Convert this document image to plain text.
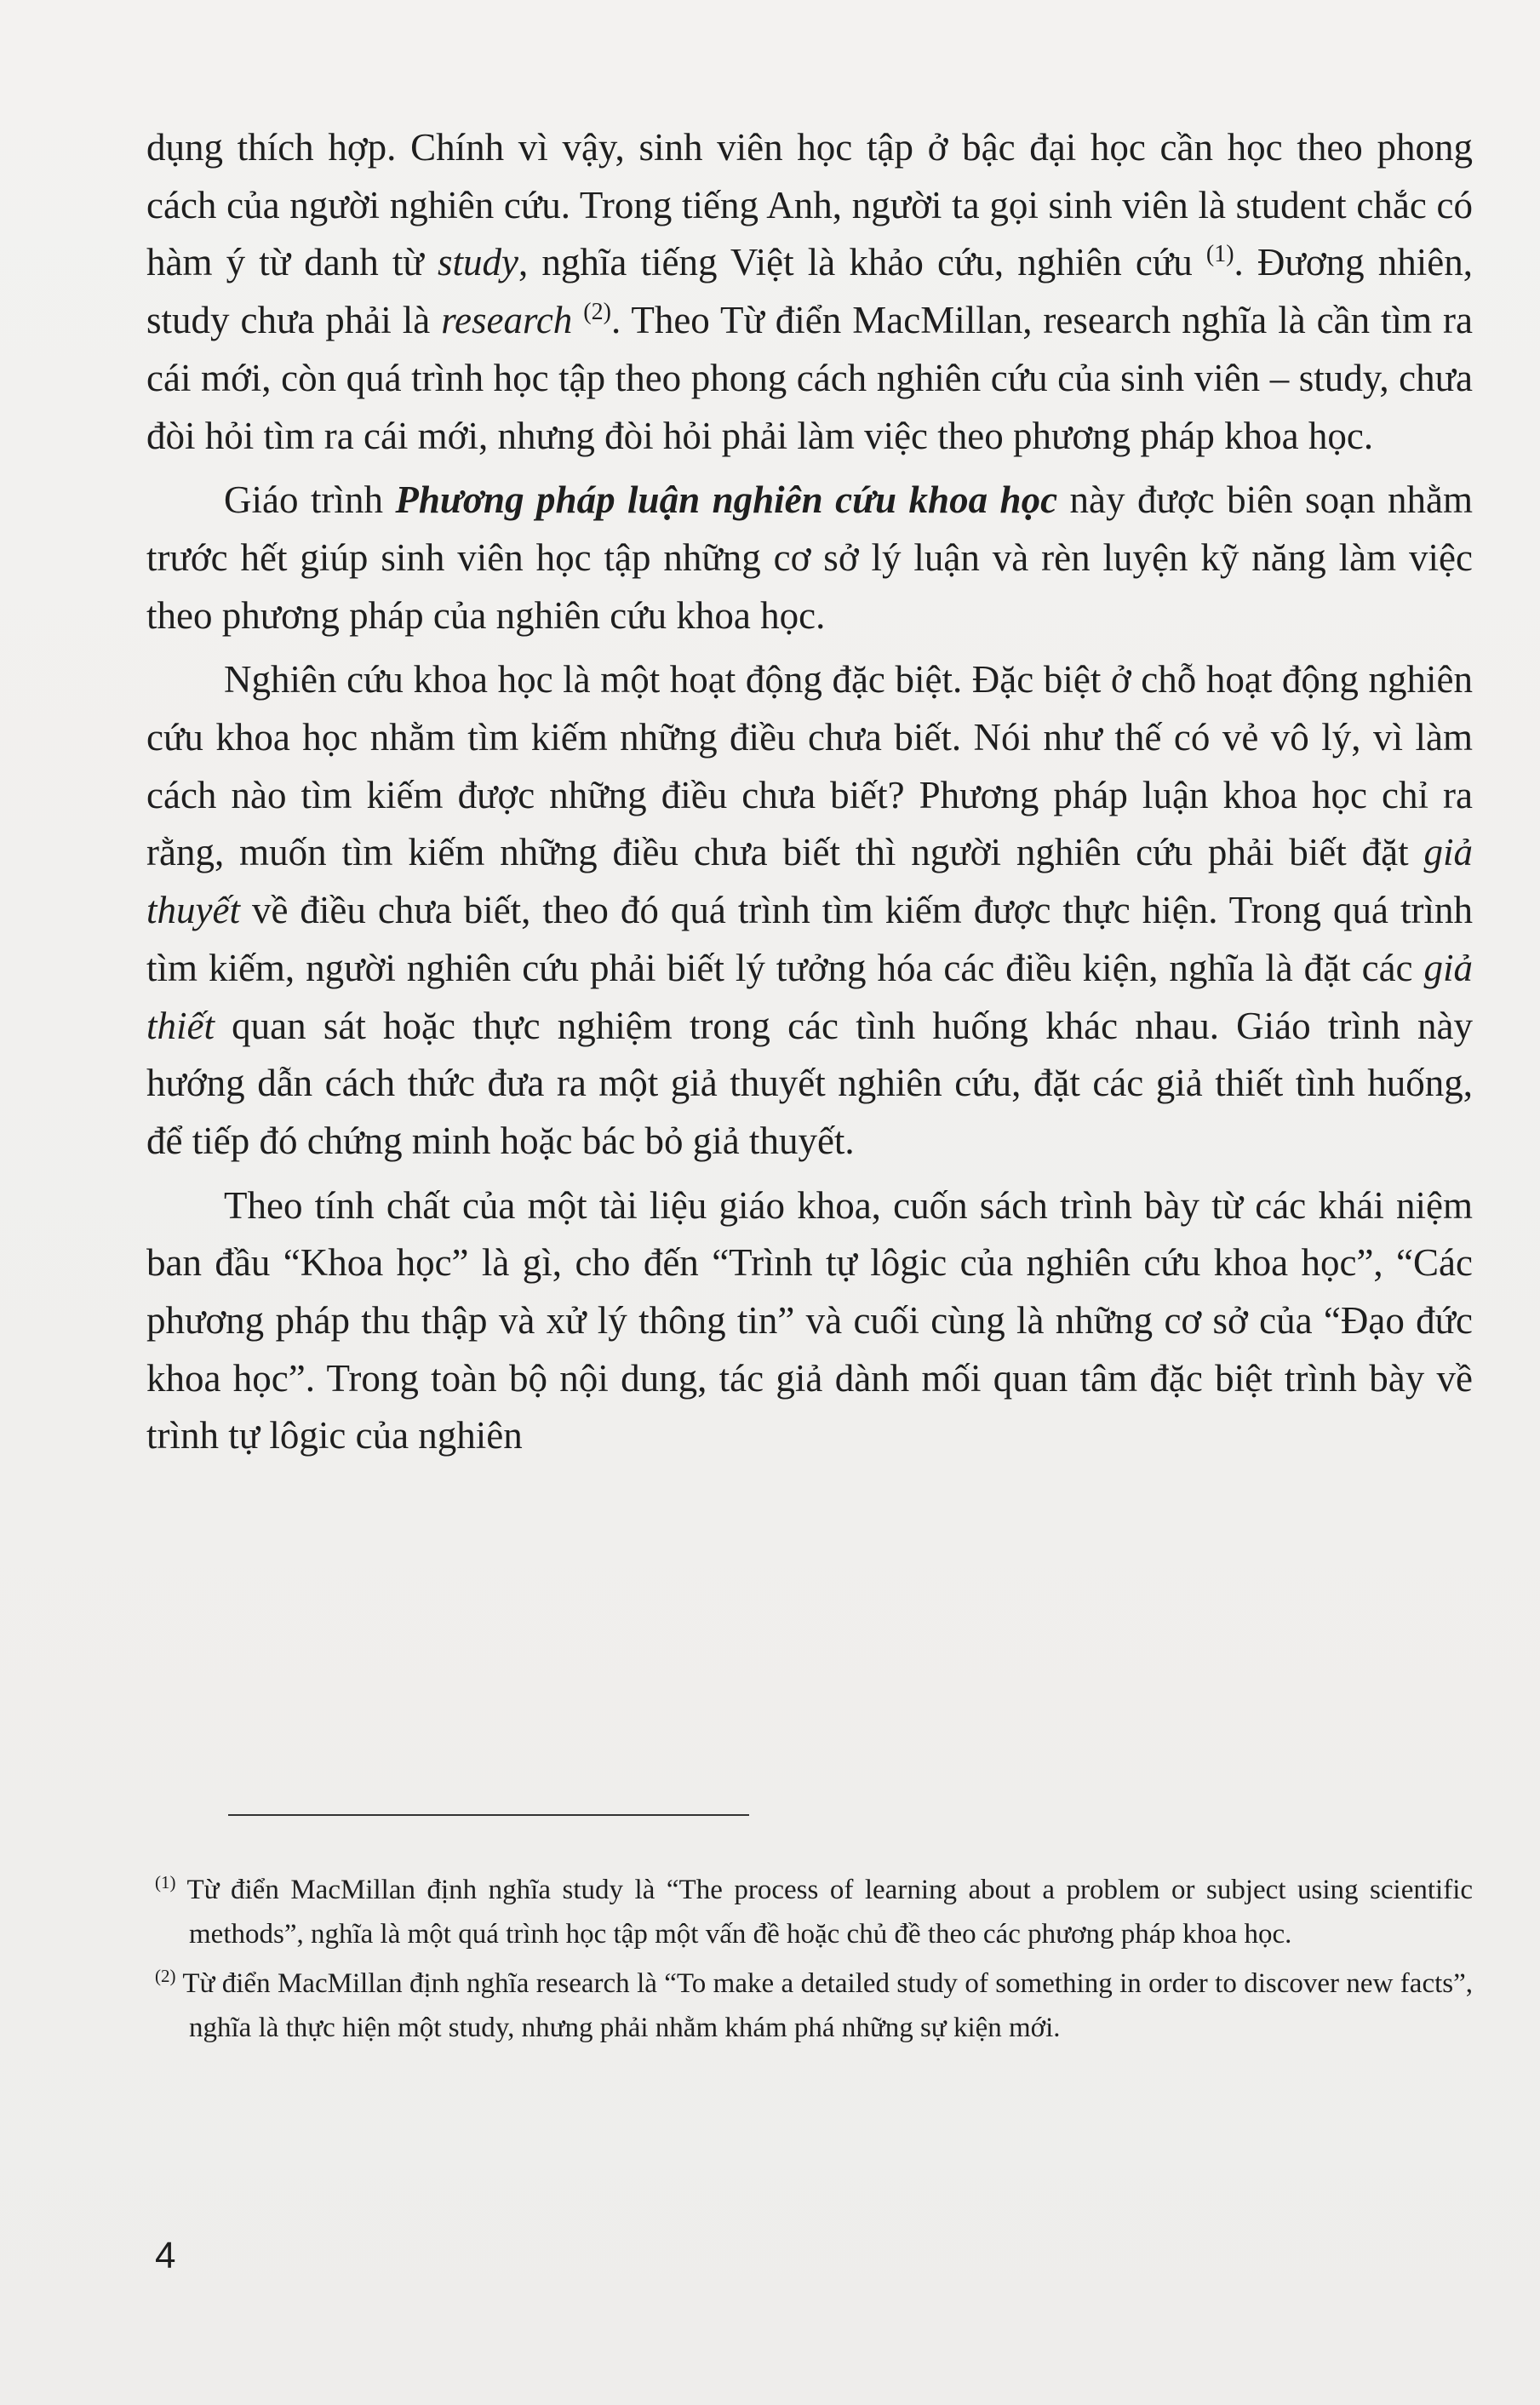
dụng thích hợp. Chính vì vậy, sinh viên học tập ở bậc đại học cần học theo phong cách của người nghiên cứu. Trong tiếng Anh, người ta gọi sinh viên là student chắc có hàm ý từ danh từ study, nghĩa tiếng Việt là khảo cứu, nghiên cứu $^{(1)}$. Đương nhiên, study chưa phải là research $^{(2)}$. Theo Từ điển MacMillan, research nghĩa là cần tìm ra cái mới, còn quá trình học tập theo phong cách nghiên cứu của sinh viên – study, chưa đòi hỏi tìm ra cái mới, nhưng đòi hỏi phải làm việc theo phương pháp khoa học.

Giáo trình Phương pháp luận nghiên cứu khoa học này được biên soạn nhằm trước hết giúp sinh viên học tập những cơ sở lý luận và rèn luyện kỹ năng làm việc theo phương pháp của nghiên cứu khoa học.

Nghiên cứu khoa học là một hoạt động đặc biệt. Đặc biệt ở chỗ hoạt động nghiên cứu khoa học nhằm tìm kiếm những điều chưa biết. Nói như thế có vẻ vô lý, vì làm cách nào tìm kiếm được những điều chưa biết? Phương pháp luận khoa học chỉ ra rằng, muốn tìm kiếm những điều chưa biết thì người nghiên cứu phải biết đặt giả thuyết về điều chưa biết, theo đó quá trình tìm kiếm được thực hiện. Trong quá trình tìm kiếm, người nghiên cứu phải biết lý tưởng hóa các điều kiện, nghĩa là đặt các giả thiết quan sát hoặc thực nghiệm trong các tình huống khác nhau. Giáo trình này hướng dẫn cách thức đưa ra một giả thuyết nghiên cứu, đặt các giả thiết tình huống, để tiếp đó chứng minh hoặc bác bỏ giả thuyết.

Theo tính chất của một tài liệu giáo khoa, cuốn sách trình bày từ các khái niệm ban đầu “Khoa học” là gì, cho đến “Trình tự lôgic của nghiên cứu khoa học”, “Các phương pháp thu thập và xử lý thông tin” và cuối cùng là những cơ sở của “Đạo đức khoa học”. Trong toàn bộ nội dung, tác giả dành mối quan tâm đặc biệt trình bày về trình tự lôgic của nghiên

$^{(1)}$ Từ điển MacMillan định nghĩa study là “The process of learning about a problem or subject using scientific methods”, nghĩa là một quá trình học tập một vấn đề hoặc chủ đề theo các phương pháp khoa học.

$^{(2)}$ Từ điển MacMillan định nghĩa research là “To make a detailed study of something in order to discover new facts”, nghĩa là thực hiện một study, nhưng phải nhằm khám phá những sự kiện mới.

4
